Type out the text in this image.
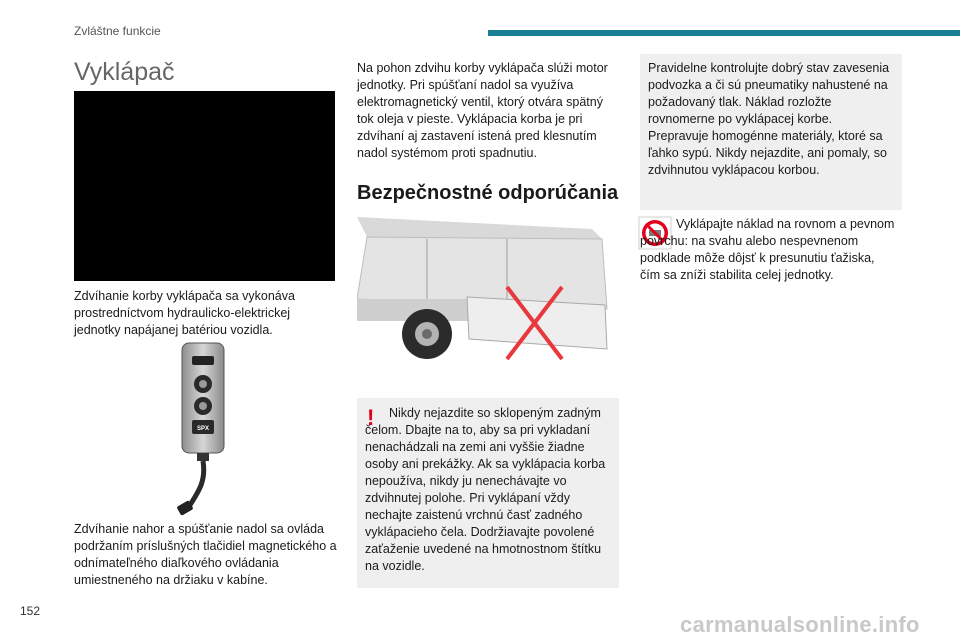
Zvláštne funkcie
Vyklápač
Zdvíhanie korby vyklápača sa vykonáva prostredníctvom hydraulicko-elektrickej jednotky napájanej batériou vozidla.
SPX
Zdvíhanie nahor a spúšťanie nadol sa ovláda podržaním príslušných tlačidiel magnetického a odnímateľného diaľkového ovládania umiestneného na držiaku v kabíne.
Na pohon zdvihu korby vyklápača slúži motor jednotky. Pri spúšťaní nadol sa využíva elektromagnetický ventil, ktorý otvára spätný tok oleja v pieste. Vyklápacia korba je pri zdvíhaní aj zastavení istená pred klesnutím nadol systémom proti spadnutiu.
Bezpečnostné odporúčania
!	Nikdy nejazdite so sklopeným zadným čelom. Dbajte na to, aby sa pri vykladaní nenachádzali na zemi ani vyššie žiadne osoby ani prekážky. Ak sa vyklápacia korba nepoužíva, nikdy ju nenechávajte vo zdvihnutej polohe. Pri vyklápaní vždy nechajte zaistenú vrchnú časť zadného vyklápacieho čela. Dodržiavajte povolené zaťaženie uvedené na hmotnostnom štítku na vozidle.
Pravidelne kontrolujte dobrý stav zavesenia podvozka a či sú pneumatiky nahustené na požadovaný tlak. Náklad rozložte rovnomerne po vyklápacej korbe. Prepravuje homogénne materiály, ktoré sa ľahko sypú. Nikdy nejazdite, ani pomaly, so zdvihnutou vyklápacou korbou.
Vyklápajte náklad na rovnom a pevnom povrchu: na svahu alebo nespevnenom podklade môže dôjsť k presunutiu ťažiska, čím sa zníži stabilita celej jednotky.
152
carmanualsonline.info
